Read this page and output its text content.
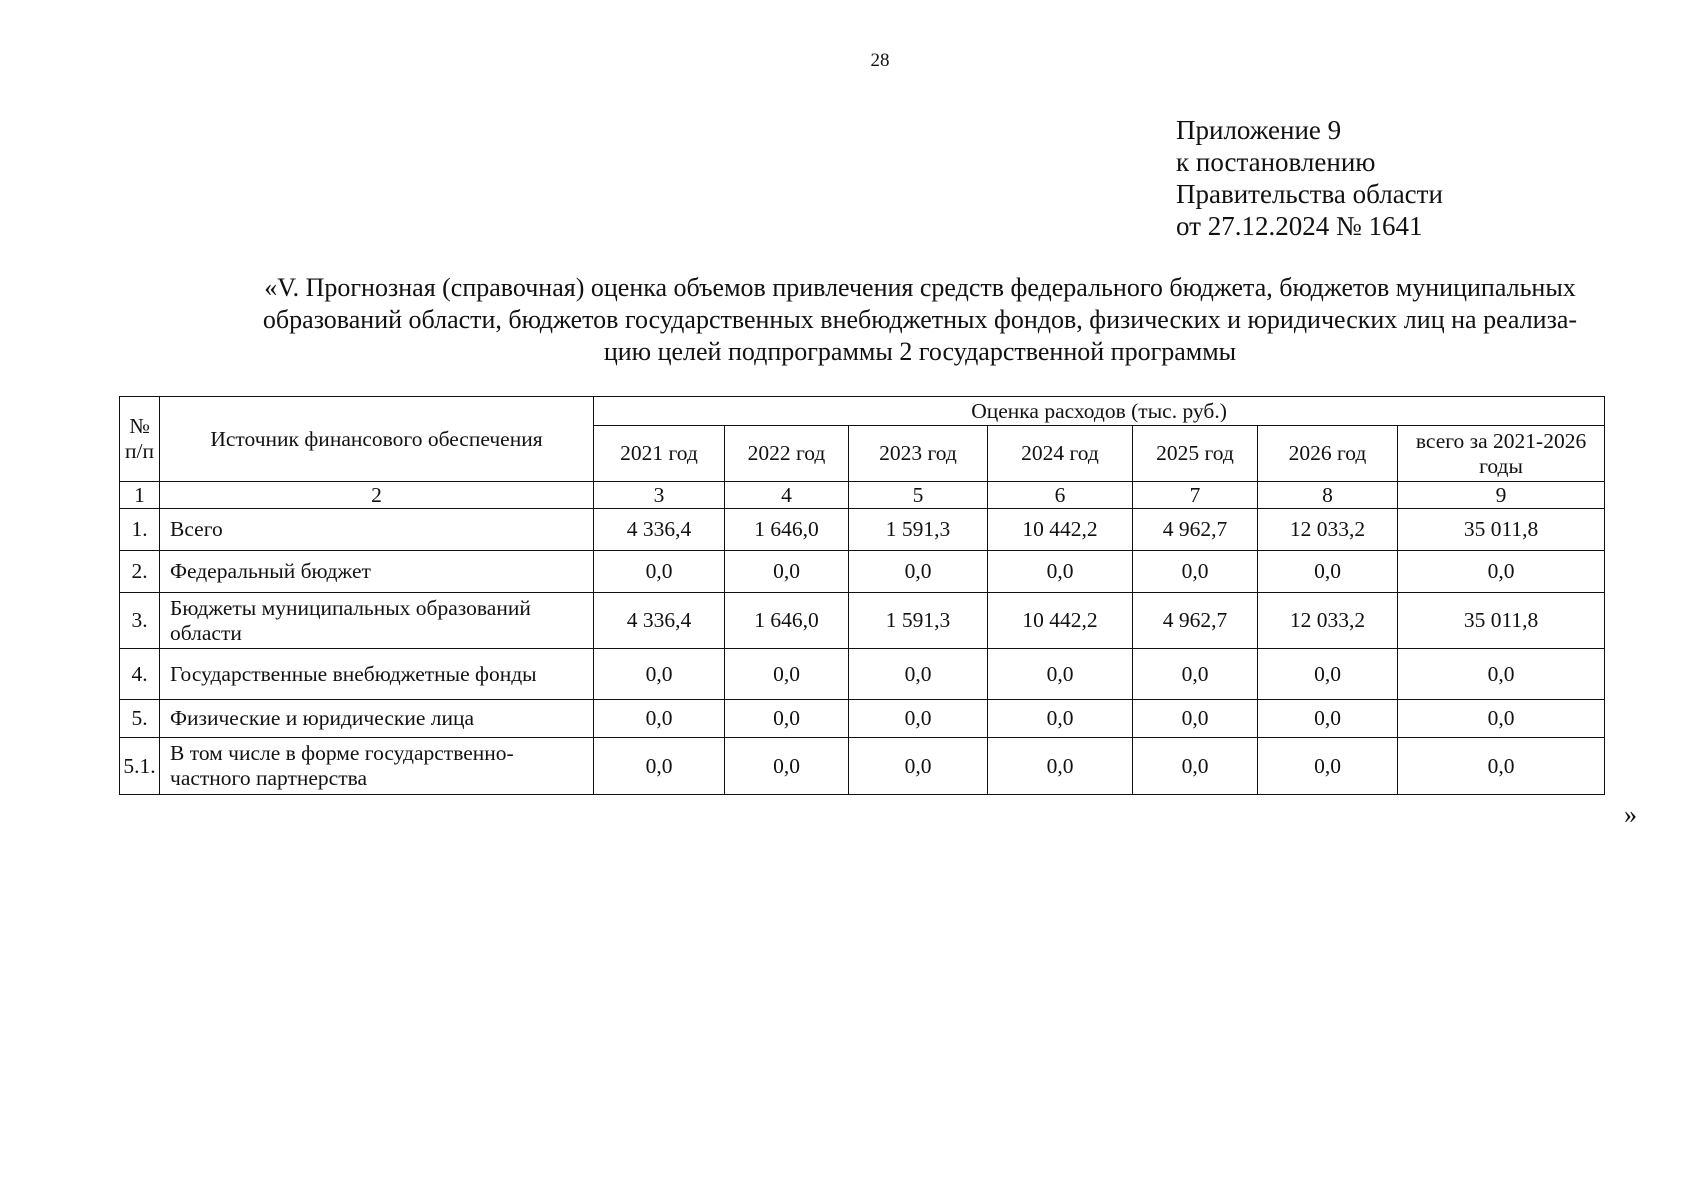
28
Приложение 9
к постановлению
Правительства области
от 27.12.2024 № 1641
«V. Прогнозная (справочная) оценка объемов привлечения средств федерального бюджета, бюджетов муниципальных
образований области, бюджетов государственных внебюджетных фондов, физических и юридических лиц на реализа-
цию целей подпрограммы 2 государственной программы
№ п/п	Источник финансового обеспечения	Оценка расходов (тыс. руб.)						
		2021 год	2022 год	2023 год	2024 год	2025 год	2026 год	всего за 2021-2026 годы
1	2	3	4	5	6	7	8	9
1.	Всего	4 336,4	1 646,0	1 591,3	10 442,2	4 962,7	12 033,2	35 011,8
2.	Федеральный бюджет	0,0	0,0	0,0	0,0	0,0	0,0	0,0
3.	Бюджеты муниципальных образований области	4 336,4	1 646,0	1 591,3	10 442,2	4 962,7	12 033,2	35 011,8
4.	Государственные внебюджетные фонды	0,0	0,0	0,0	0,0	0,0	0,0	0,0
5.	Физические и юридические лица	0,0	0,0	0,0	0,0	0,0	0,0	0,0
5.1.	В том числе в форме государственно-частного партнерства	0,0	0,0	0,0	0,0	0,0	0,0	0,0
»
